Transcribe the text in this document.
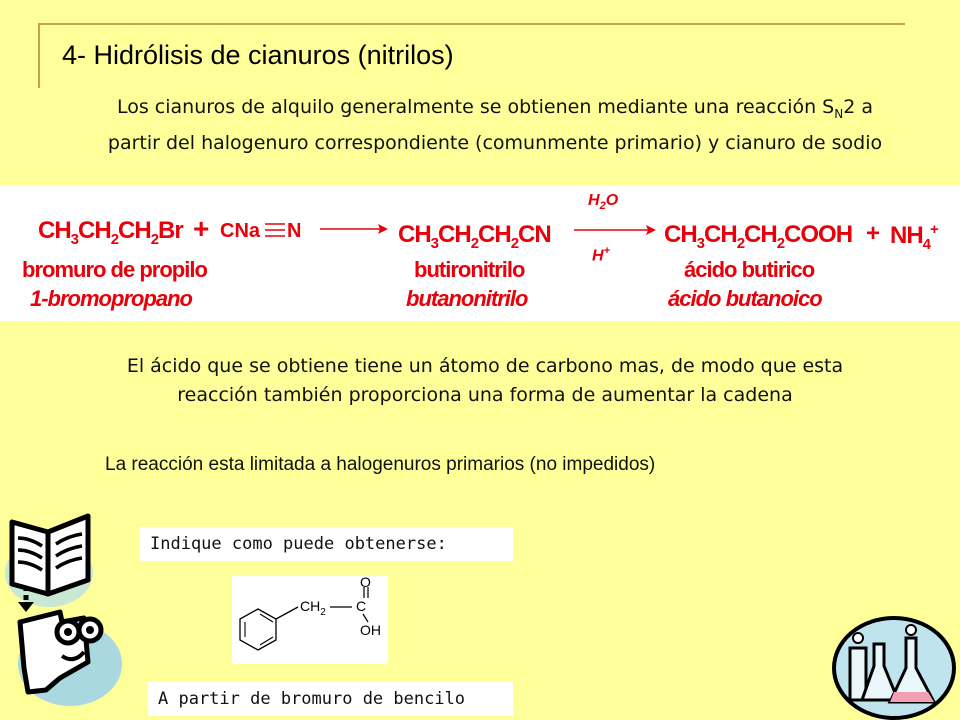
4- Hidrólisis de cianuros (nitrilos)
Los cianuros de alquilo generalmente se obtienen mediante una reacción $S_N2$ a partir del halogenuro correspondiente (comunmente primario) y cianuro de sodio
$CH_3CH_2CH_2Br$ + CNa N	$CH_3CH_2CH_2CN$
$H_2O$
H+
$CH_3CH_2CH_2COOH + NH_4^+$
bromuro de propilo
1-bromopropano
butironitrilo
butanonitrilo
ácido butirico
ácido butanoico
El ácido que se obtiene tiene un átomo de carbono mas, de modo que esta reacción también proporciona una forma de aumentar la cadena
La reacción esta limitada a halogenuros primarios (no impedidos)
Indique como puede obtenerse:
$CH_2$ C
O
OH
A partir de bromuro de bencilo
